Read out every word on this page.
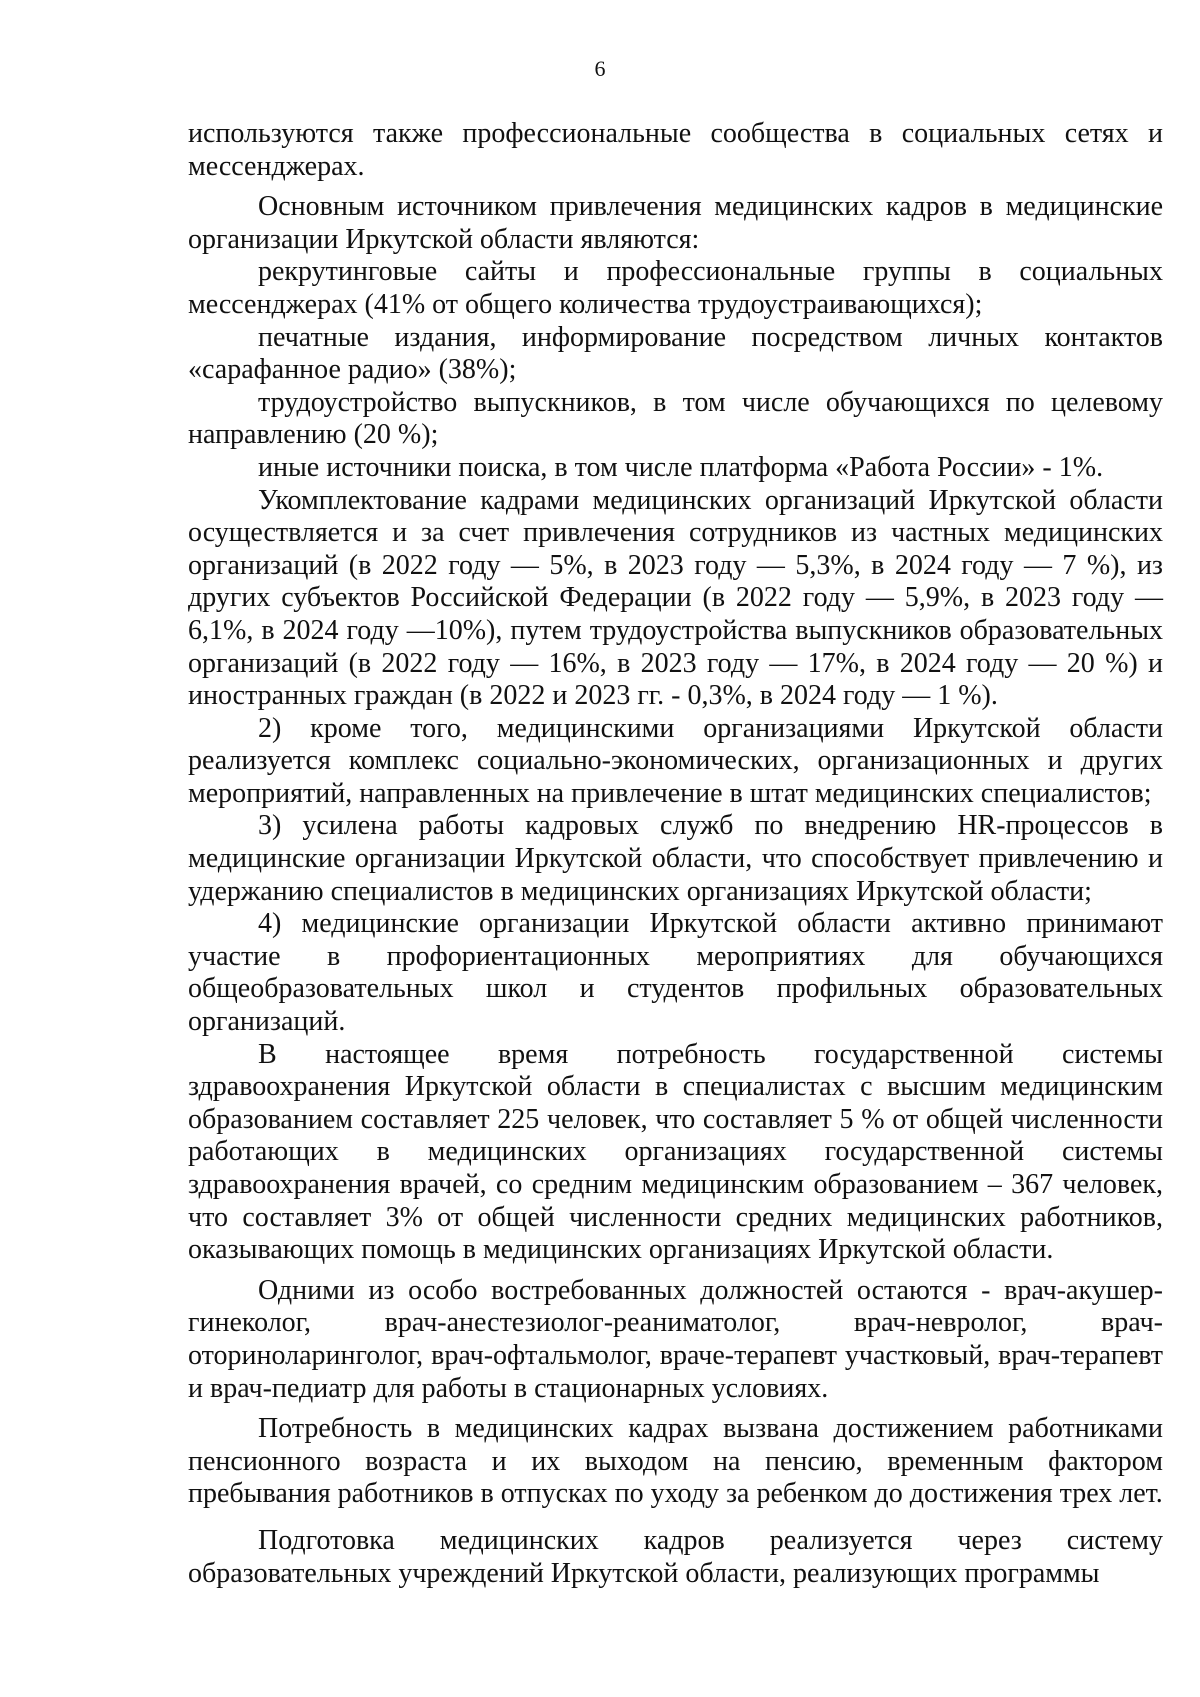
6

используются также профессиональные сообщества в социальных сетях и мессенджерах.

Основным источником привлечения медицинских кадров в медицинские организации Иркутской области являются:

рекрутинговые сайты и профессиональные группы в социальных мессенджерах (41% от общего количества трудоустраивающихся);

печатные издания, информирование посредством личных контактов «сарафанное радио» (38%);

трудоустройство выпускников, в том числе обучающихся по целевому направлению (20 %);

иные источники поиска, в том числе платформа «Работа России» - 1%.

Укомплектование кадрами медицинских организаций Иркутской области осуществляется и за счет привлечения сотрудников из частных медицинских организаций (в 2022 году — 5%, в 2023 году — 5,3%, в 2024 году — 7 %), из других субъектов Российской Федерации (в 2022 году — 5,9%, в 2023 году — 6,1%, в 2024 году —10%), путем трудоустройства выпускников образовательных организаций (в 2022 году — 16%, в 2023 году — 17%, в 2024 году — 20 %) и иностранных граждан (в 2022 и 2023 гг. - 0,3%, в 2024 году — 1 %).

2) кроме того, медицинскими организациями Иркутской области реализуется комплекс социально-экономических, организационных и других мероприятий, направленных на привлечение в штат медицинских специалистов;

3) усилена работы кадровых служб по внедрению HR-процессов в медицинские организации Иркутской области, что способствует привлечению и удержанию специалистов в медицинских организациях Иркутской области;

4) медицинские организации Иркутской области активно принимают участие в профориентационных мероприятиях для обучающихся общеобразовательных школ и студентов профильных образовательных организаций.

В настоящее время потребность государственной системы здравоохранения Иркутской области в специалистах с высшим медицинским образованием составляет 225 человек, что составляет 5 % от общей численности работающих в медицинских организациях государственной системы здравоохранения врачей, со средним медицинским образованием – 367 человек, что составляет 3% от общей численности средних медицинских работников, оказывающих помощь в медицинских организациях Иркутской области.

Одними из особо востребованных должностей остаются - врач-акушер-гинеколог, врач-анестезиолог-реаниматолог, врач-невролог, врач-оториноларинголог, врач-офтальмолог, враче-терапевт участковый, врач-терапевт и врач-педиатр для работы в стационарных условиях.

Потребность в медицинских кадрах вызвана достижением работниками пенсионного возраста и их выходом на пенсию, временным фактором пребывания работников в отпусках по уходу за ребенком до достижения трех лет.

Подготовка медицинских кадров реализуется через систему образовательных учреждений Иркутской области, реализующих программы
